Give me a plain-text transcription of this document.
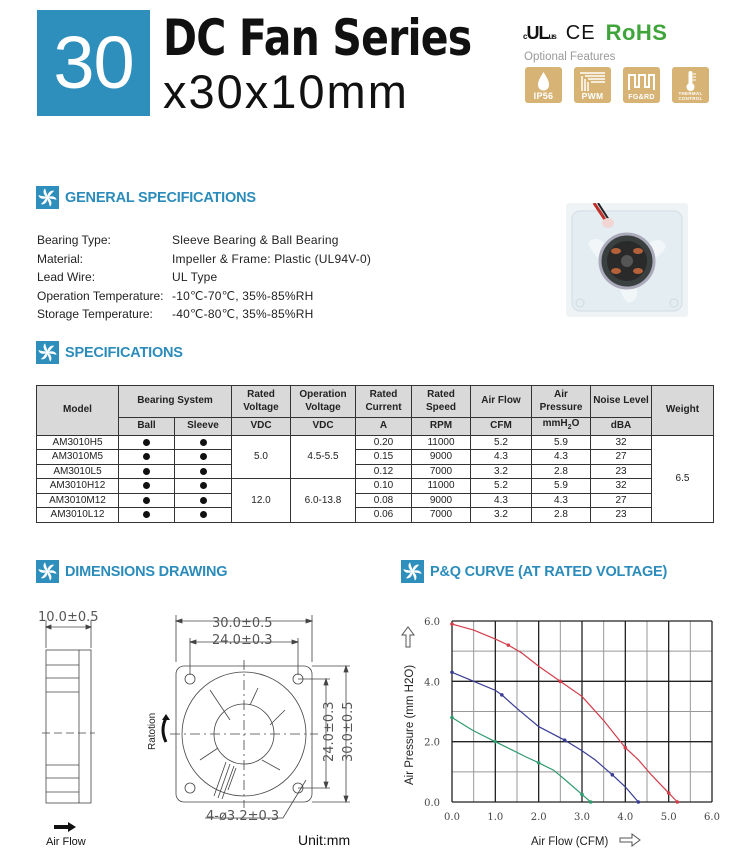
30 DC Fan Series
x30x10mm
cULus CE RoHS
Optional Features
IP56	PWM	FG&RD
THERMAL CONTROL
GENERAL SPECIFICATIONS
Bearing Type:	Sleeve Bearing & Ball Bearing
Material:	Impeller & Frame: Plastic (UL94V-0)
Lead Wire:	UL Type
Operation Temperature: -10℃-70℃, 35%-85%RH
Storage Temperature:	-40℃-80℃, 35%-85%RH
SPECIFICATIONS
Model	Bearing System		Rated Voltage	Operation Voltage	Rated Current	Rated Speed	Air Flow	Air Pressure	Noise Level	Weight
	Ball	Sleeve	VDC	VDC	A	RPM	CFM	mmH$_2$O	dBA	
AM3010H5			5.0	4.5-5.5	0.20	11000	5.2	5.9	32	6.5
AM3010M5					0.15	9000	4.3	4.3	27	
AM3010L5					0.12	7000	3.2	2.8	23	
AM3010H12			12.0	6.0-13.8	0.10	11000	5.2	5.9	32	
AM3010M12					0.08	9000	4.3	4.3	27	
AM3010L12					0.06	7000	3.2	2.8	23	
DIMENSIONS DRAWING
10.0±0.5	30.0±0.5
24.0±0.3
24.0±0.3 30.0±0.5
4-ø3.2±0.3
Ratotion
Air Flow	Unit:mm
P&Q CURVE (AT RATED VOLTAGE)
0.0	1.0	2.0	3.0	4.0	5.0	6.0
0.0
2.0
4.0
6.0
Air Flow (CFM)
Air Pressure (mm H2O)
